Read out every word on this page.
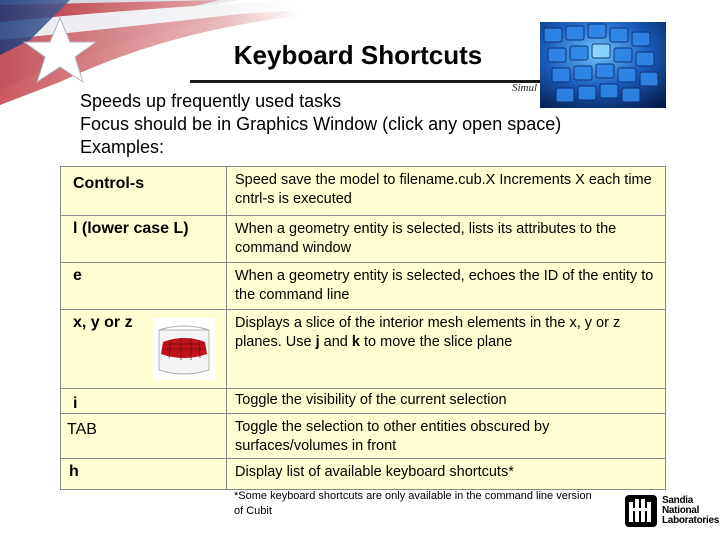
Keyboard Shortcuts
Simul
Speeds up frequently used tasks
Focus should be in Graphics Window (click any open space)
Examples:
Control-s	Speed save the model to filename.cub.X Increments X each time cntrl-s is executed
l (lower case L)	When a geometry entity is selected, lists its attributes to the command window
e	When a geometry entity is selected, echoes the ID of the entity to the command line
x, y or z	Displays a slice of the interior mesh elements in the x, y or z planes. Use j and k to move the slice plane
i	Toggle the visibility of the current selection
TAB	Toggle the selection to other entities obscured by surfaces/volumes in front
h	Display list of available keyboard shortcuts*
*Some keyboard shortcuts are only available in the command line version of Cubit
Sandia
National
Laboratories
